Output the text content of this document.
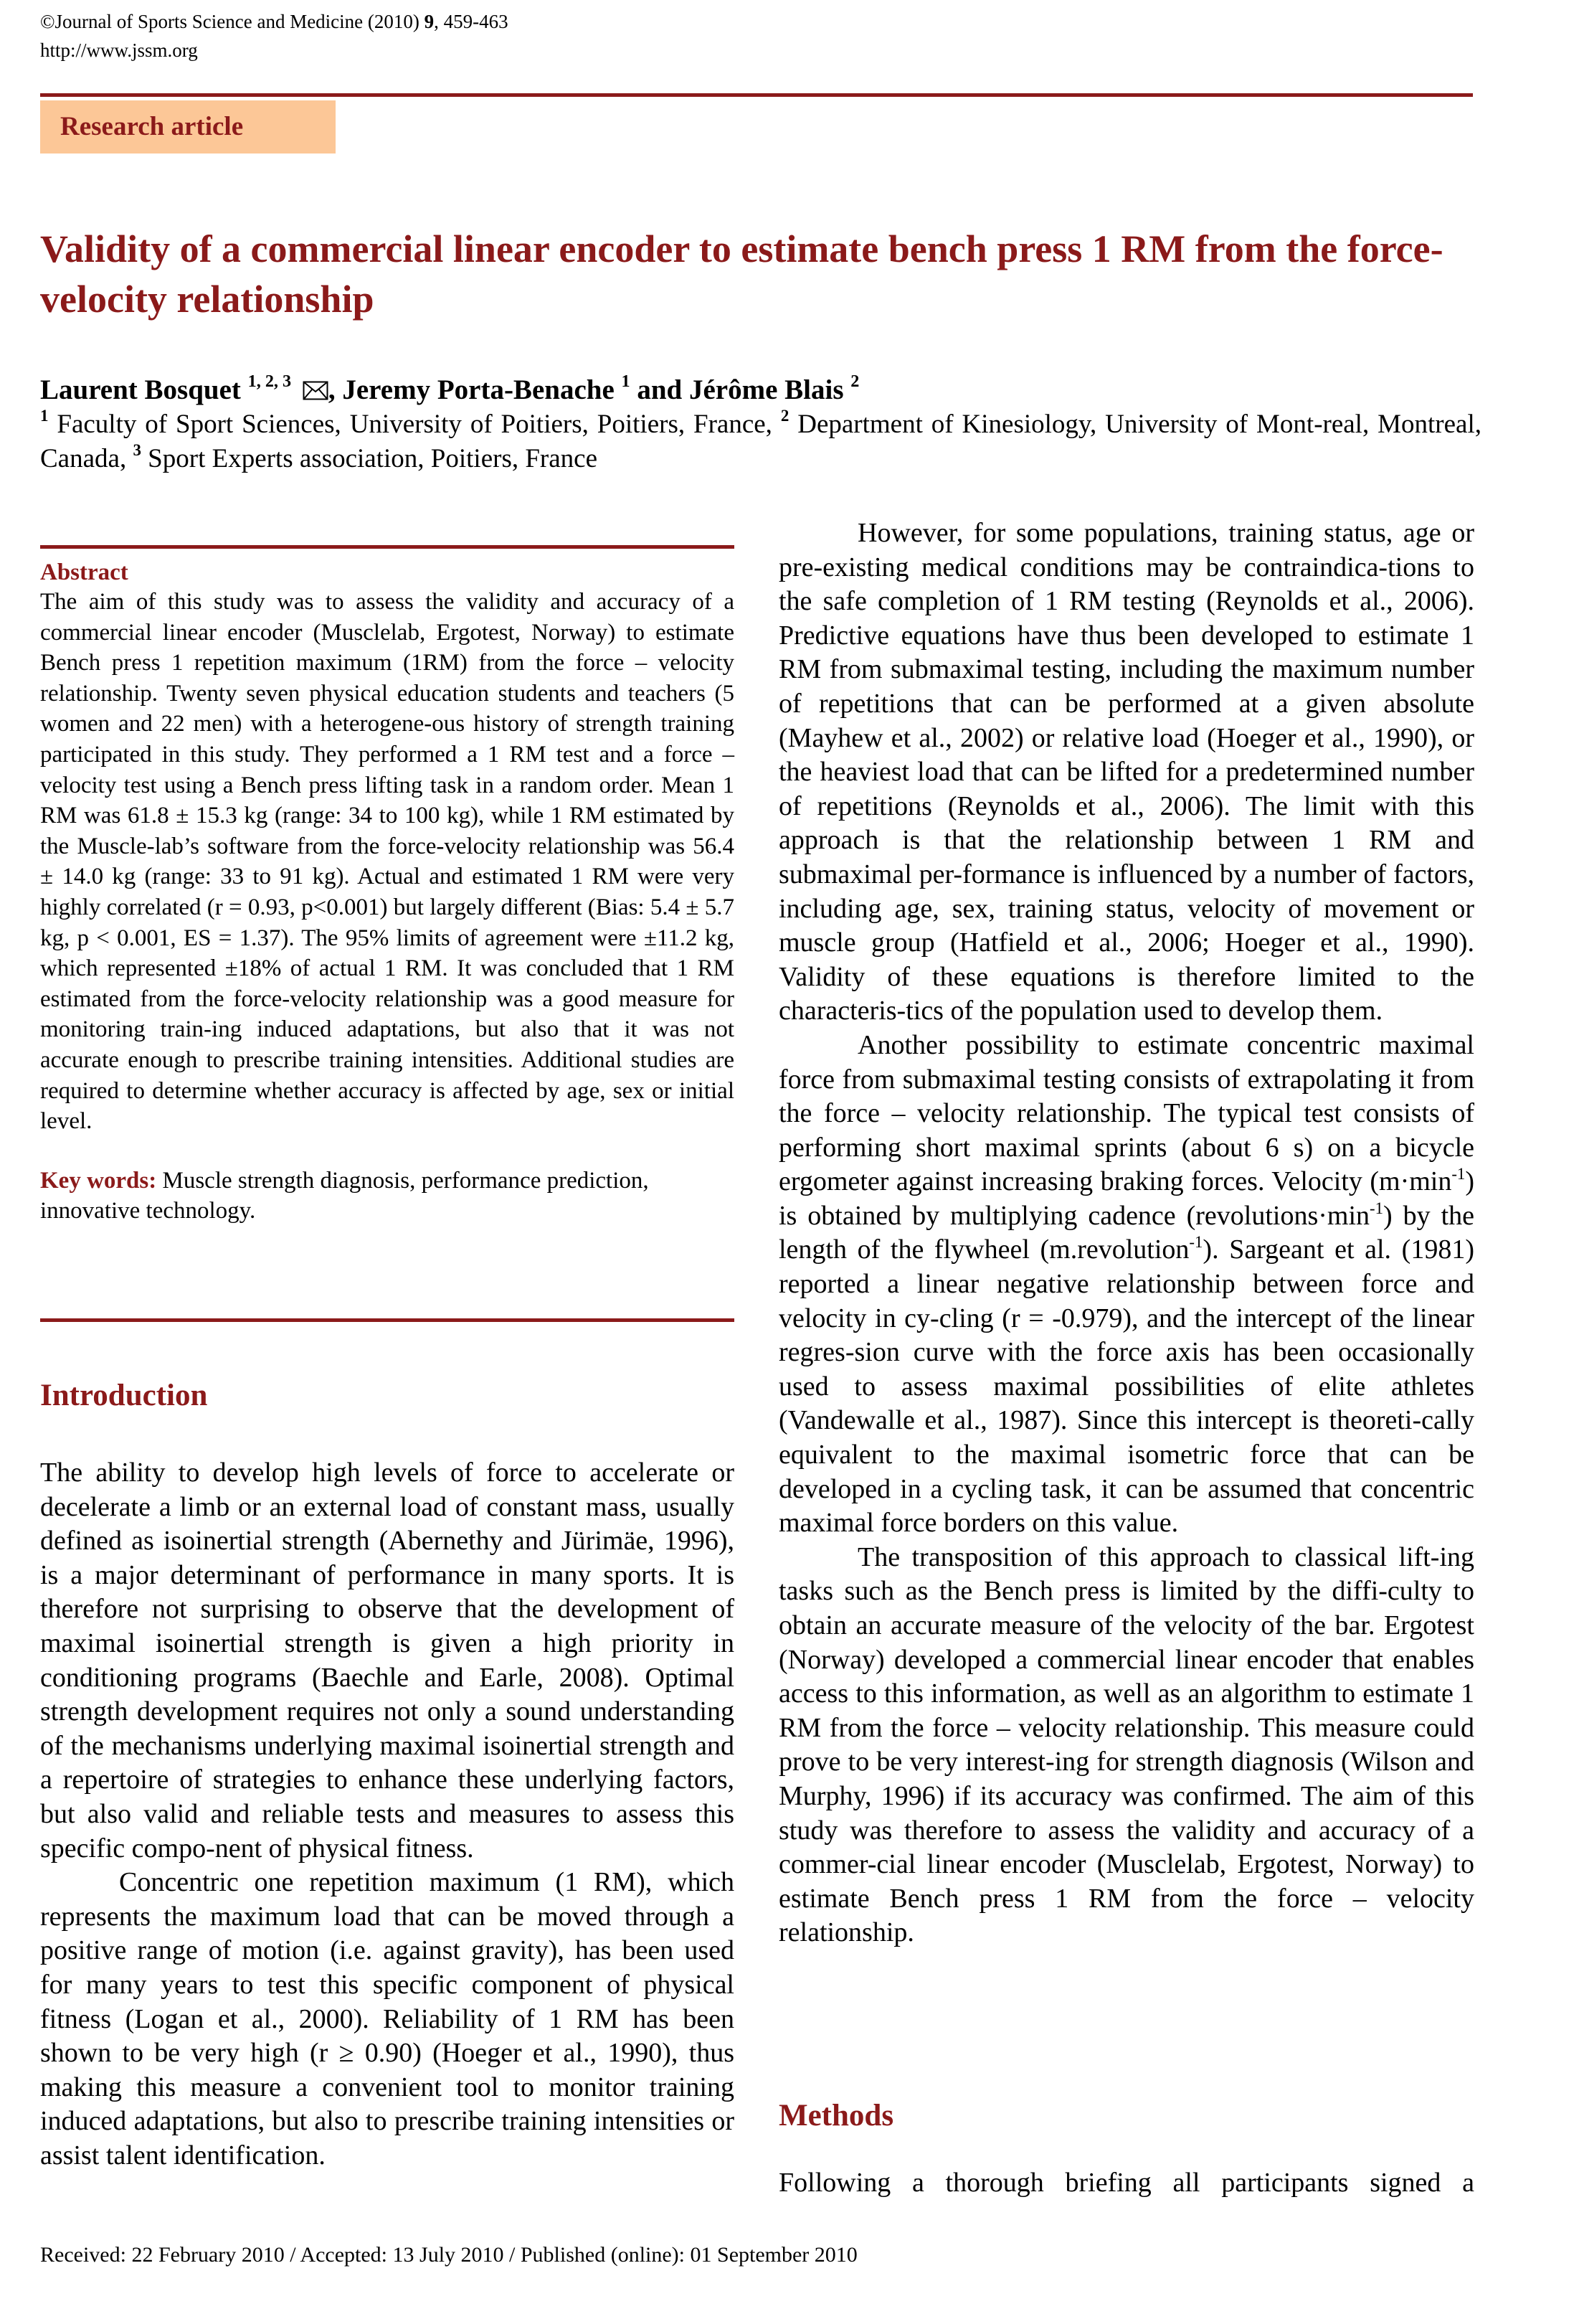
©Journal of Sports Science and Medicine (2010) 9, 459-463
http://www.jssm.org
Research article
Validity of a commercial linear encoder to estimate bench press 1 RM from the force-velocity relationship
Laurent Bosquet $^{1, 2, 3}$ , Jeremy Porta-Benache $^1$ and Jérôme Blais $^2$
$^1$ Faculty of Sport Sciences, University of Poitiers, Poitiers, France, $^2$ Department of Kinesiology, University of Mont-real, Montreal, Canada, $^3$ Sport Experts association, Poitiers, France
Abstract
The aim of this study was to assess the validity and accuracy of a commercial linear encoder (Musclelab, Ergotest, Norway) to estimate Bench press 1 repetition maximum (1RM) from the force – velocity relationship. Twenty seven physical education students and teachers (5 women and 22 men) with a heterogene-ous history of strength training participated in this study. They performed a 1 RM test and a force – velocity test using a Bench press lifting task in a random order. Mean 1 RM was 61.8 ± 15.3 kg (range: 34 to 100 kg), while 1 RM estimated by the Muscle-lab’s software from the force-velocity relationship was 56.4 ± 14.0 kg (range: 33 to 91 kg). Actual and estimated 1 RM were very highly correlated (r = 0.93, p<0.001) but largely different (Bias: 5.4 ± 5.7 kg, p < 0.001, ES = 1.37). The 95% limits of agreement were ±11.2 kg, which represented ±18% of actual 1 RM. It was concluded that 1 RM estimated from the force-velocity relationship was a good measure for monitoring train-ing induced adaptations, but also that it was not accurate enough to prescribe training intensities. Additional studies are required to determine whether accuracy is affected by age, sex or initial level.
Key words: Muscle strength diagnosis, performance prediction, innovative technology.
Introduction

The ability to develop high levels of force to accelerate or decelerate a limb or an external load of constant mass, usually defined as isoinertial strength (Abernethy and Jürimäe, 1996), is a major determinant of performance in many sports. It is therefore not surprising to observe that the development of maximal isoinertial strength is given a high priority in conditioning programs (Baechle and Earle, 2008). Optimal strength development requires not only a sound understanding of the mechanisms underlying maximal isoinertial strength and a repertoire of strategies to enhance these underlying factors, but also valid and reliable tests and measures to assess this specific compo-nent of physical fitness.

Concentric one repetition maximum (1 RM), which represents the maximum load that can be moved through a positive range of motion (i.e. against gravity), has been used for many years to test this specific component of physical fitness (Logan et al., 2000). Reliability of 1 RM has been shown to be very high (r ≥ 0.90) (Hoeger et al., 1990), thus making this measure a convenient tool to monitor training induced adaptations, but also to prescribe training intensities or assist talent identification.

However, for some populations, training status, age or pre-existing medical conditions may be contraindica-tions to the safe completion of 1 RM testing (Reynolds et al., 2006). Predictive equations have thus been developed to estimate 1 RM from submaximal testing, including the maximum number of repetitions that can be performed at a given absolute (Mayhew et al., 2002) or relative load (Hoeger et al., 1990), or the heaviest load that can be lifted for a predetermined number of repetitions (Reynolds et al., 2006). The limit with this approach is that the relationship between 1 RM and submaximal per-formance is influenced by a number of factors, including age, sex, training status, velocity of movement or muscle group (Hatfield et al., 2006; Hoeger et al., 1990). Validity of these equations is therefore limited to the characteris-tics of the population used to develop them.

Another possibility to estimate concentric maximal force from submaximal testing consists of extrapolating it from the force – velocity relationship. The typical test consists of performing short maximal sprints (about 6 s) on a bicycle ergometer against increasing braking forces. Velocity $(m\cdot\min^{-1})$ is obtained by multiplying cadence $(revolutions\cdot\min^{-1})$ by the length of the flywheel (m.revolution$^{-1}$). Sargeant et al. (1981) reported a linear negative relationship between force and velocity in cy-cling (r = -0.979), and the intercept of the linear regres-sion curve with the force axis has been occasionally used to assess maximal possibilities of elite athletes (Vandewalle et al., 1987). Since this intercept is theoreti-cally equivalent to the maximal isometric force that can be developed in a cycling task, it can be assumed that concentric maximal force borders on this value.

The transposition of this approach to classical lift-ing tasks such as the Bench press is limited by the diffi-culty to obtain an accurate measure of the velocity of the bar. Ergotest (Norway) developed a commercial linear encoder that enables access to this information, as well as an algorithm to estimate 1 RM from the force – velocity relationship. This measure could prove to be very interest-ing for strength diagnosis (Wilson and Murphy, 1996) if its accuracy was confirmed. The aim of this study was therefore to assess the validity and accuracy of a commer-cial linear encoder (Musclelab, Ergotest, Norway) to estimate Bench press 1 RM from the force – velocity relationship.

Methods

Following a thorough briefing all participants signed a

Received: 22 February 2010 / Accepted: 13 July 2010 / Published (online): 01 September 2010
